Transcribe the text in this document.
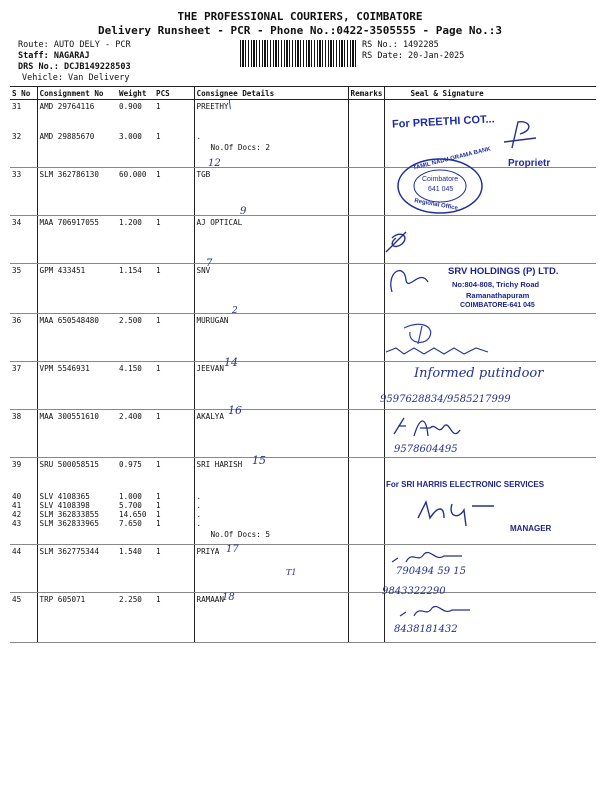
THE PROFESSIONAL COURIERS, COIMBATORE
Delivery Runsheet - PCR - Phone No.:0422-3505555 - Page No.:3
Route: AUTO DELY - PCR
Staff: NAGARAJ
DRS No.: DCJB149228503
Vehicle: Van Delivery
RS No.: 1492285
RS Date: 20-Jan-2025
S No	Consignment No	Weight	PCS	Consignee Details	Remarks	Seal & Signature
31	AMD 29764116	0.900	1	PREETHY		
32	AMD 29885670	3.000	1	.
No.Of Docs: 2		

33	SLM 362786130	60.000	1	TGB		
34	MAA 706917055	1.200	1	AJ OPTICAL		
35	GPM 433451	1.154	1	SNV		
36	MAA 650548480	2.500	1	MURUGAN		
37	VPM 5546931	4.150	1	JEEVAN		
38	MAA 300551610	2.400	1	AKALYA		
39	SRU 500058515	0.975	1	SRI HARISH		
40	SLV 4108365	1.000	1	.		
41	SLV 4108398	5.700	1	.		
42	SLM 362833855	14.650	1	.		
43	SLM 362833965	7.650	1	.
No.Of Docs: 5		

44	SLM 362775344	1.540	1	PRIYA		
45	TRP 605071	2.250	1	RAMAAN		
\
12
9
7
2
14
16
15
17
T1
18
For PREETHI COT...
TAMIL NADU GRAMA BANK
Coimbatore
641 045
Regional Office
Proprietr
SRV HOLDINGS (P) LTD.
No:804-808, Trichy Road
Ramanathapuram
COIMBATORE-641 045
Informed putindoor
9597628834/9585217999
9578604495
For SRI HARRIS ELECTRONIC SERVICES
MANAGER
790494 59 15
9843322290
8438181432
